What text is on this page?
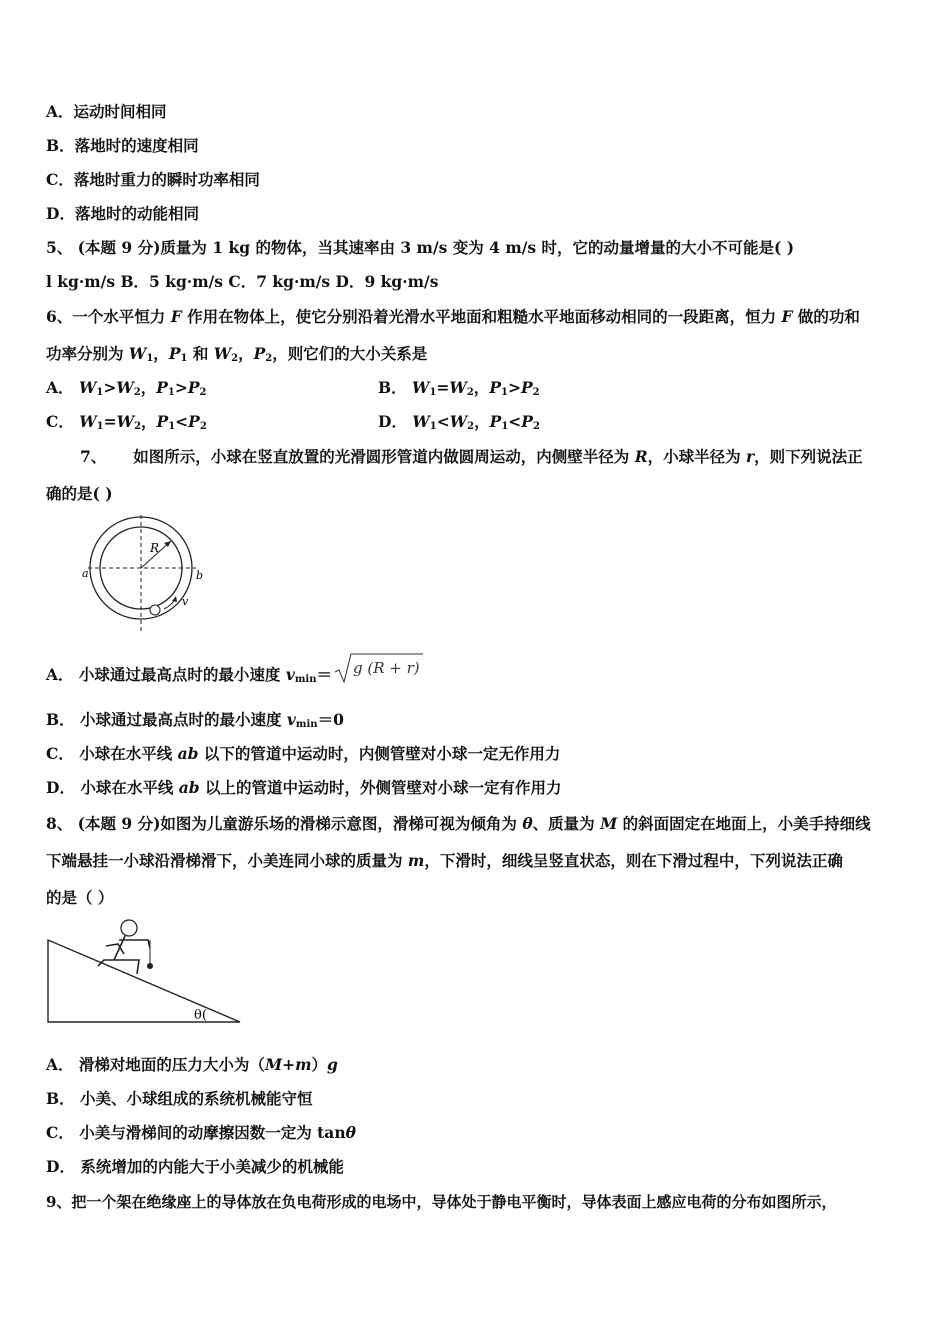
A．运动时间相同
B．落地时的速度相同
C．落地时重力的瞬时功率相同
D．落地时的动能相同
5、 (本题 9 分)质量为 1 kg 的物体，当其速率由 3 m/s 变为 4 m/s 时，它的动量增量的大小不可能是( )
l kg·m/s B．5 kg·m/s C．7 kg·m/s D．9 kg·m/s
6、一个水平恒力 F 作用在物体上，使它分别沿着光滑水平地面和粗糙水平地面移动相同的一段距离，恒力 F 做的功和
功率分别为 $W_1$，$P_1$ 和 $W_2$，$P_2$，则它们的大小关系是
A． $W_1>W_2$，$P_1>P_2$	B． $W_1=W_2$，$P_1>P_2$
C． $W_1=W_2$，$P_1<P_2$	D． $W_1<W_2$，$P_1<P_2$
7、 如图所示，小球在竖直放置的光滑圆形管道内做圆周运动，内侧壁半径为 R，小球半径为 r，则下列说法正
确的是( )
R
a	b
v
A． 小球通过最高点时的最小速度 $v_{min}= g$ (R + r)
B． 小球通过最高点时的最小速度 $v_{min}=0$
C． 小球在水平线 ab 以下的管道中运动时，内侧管壁对小球一定无作用力
D． 小球在水平线 ab 以上的管道中运动时，外侧管壁对小球一定有作用力
8、 (本题 9 分)如图为儿童游乐场的滑梯示意图，滑梯可视为倾角为 θ、质量为 M 的斜面固定在地面上，小美手持细线
下端悬挂一小球沿滑梯滑下，小美连同小球的质量为 m，下滑时，细线呈竖直状态，则在下滑过程中，下列说法正确
的是（ ）
θ(
A． 滑梯对地面的压力大小为（M+m）g
B． 小美、小球组成的系统机械能守恒
C． 小美与滑梯间的动摩擦因数一定为 tanθ
D． 系统增加的内能大于小美减少的机械能
9、把一个架在绝缘座上的导体放在负电荷形成的电场中，导体处于静电平衡时，导体表面上感应电荷的分布如图所示，
